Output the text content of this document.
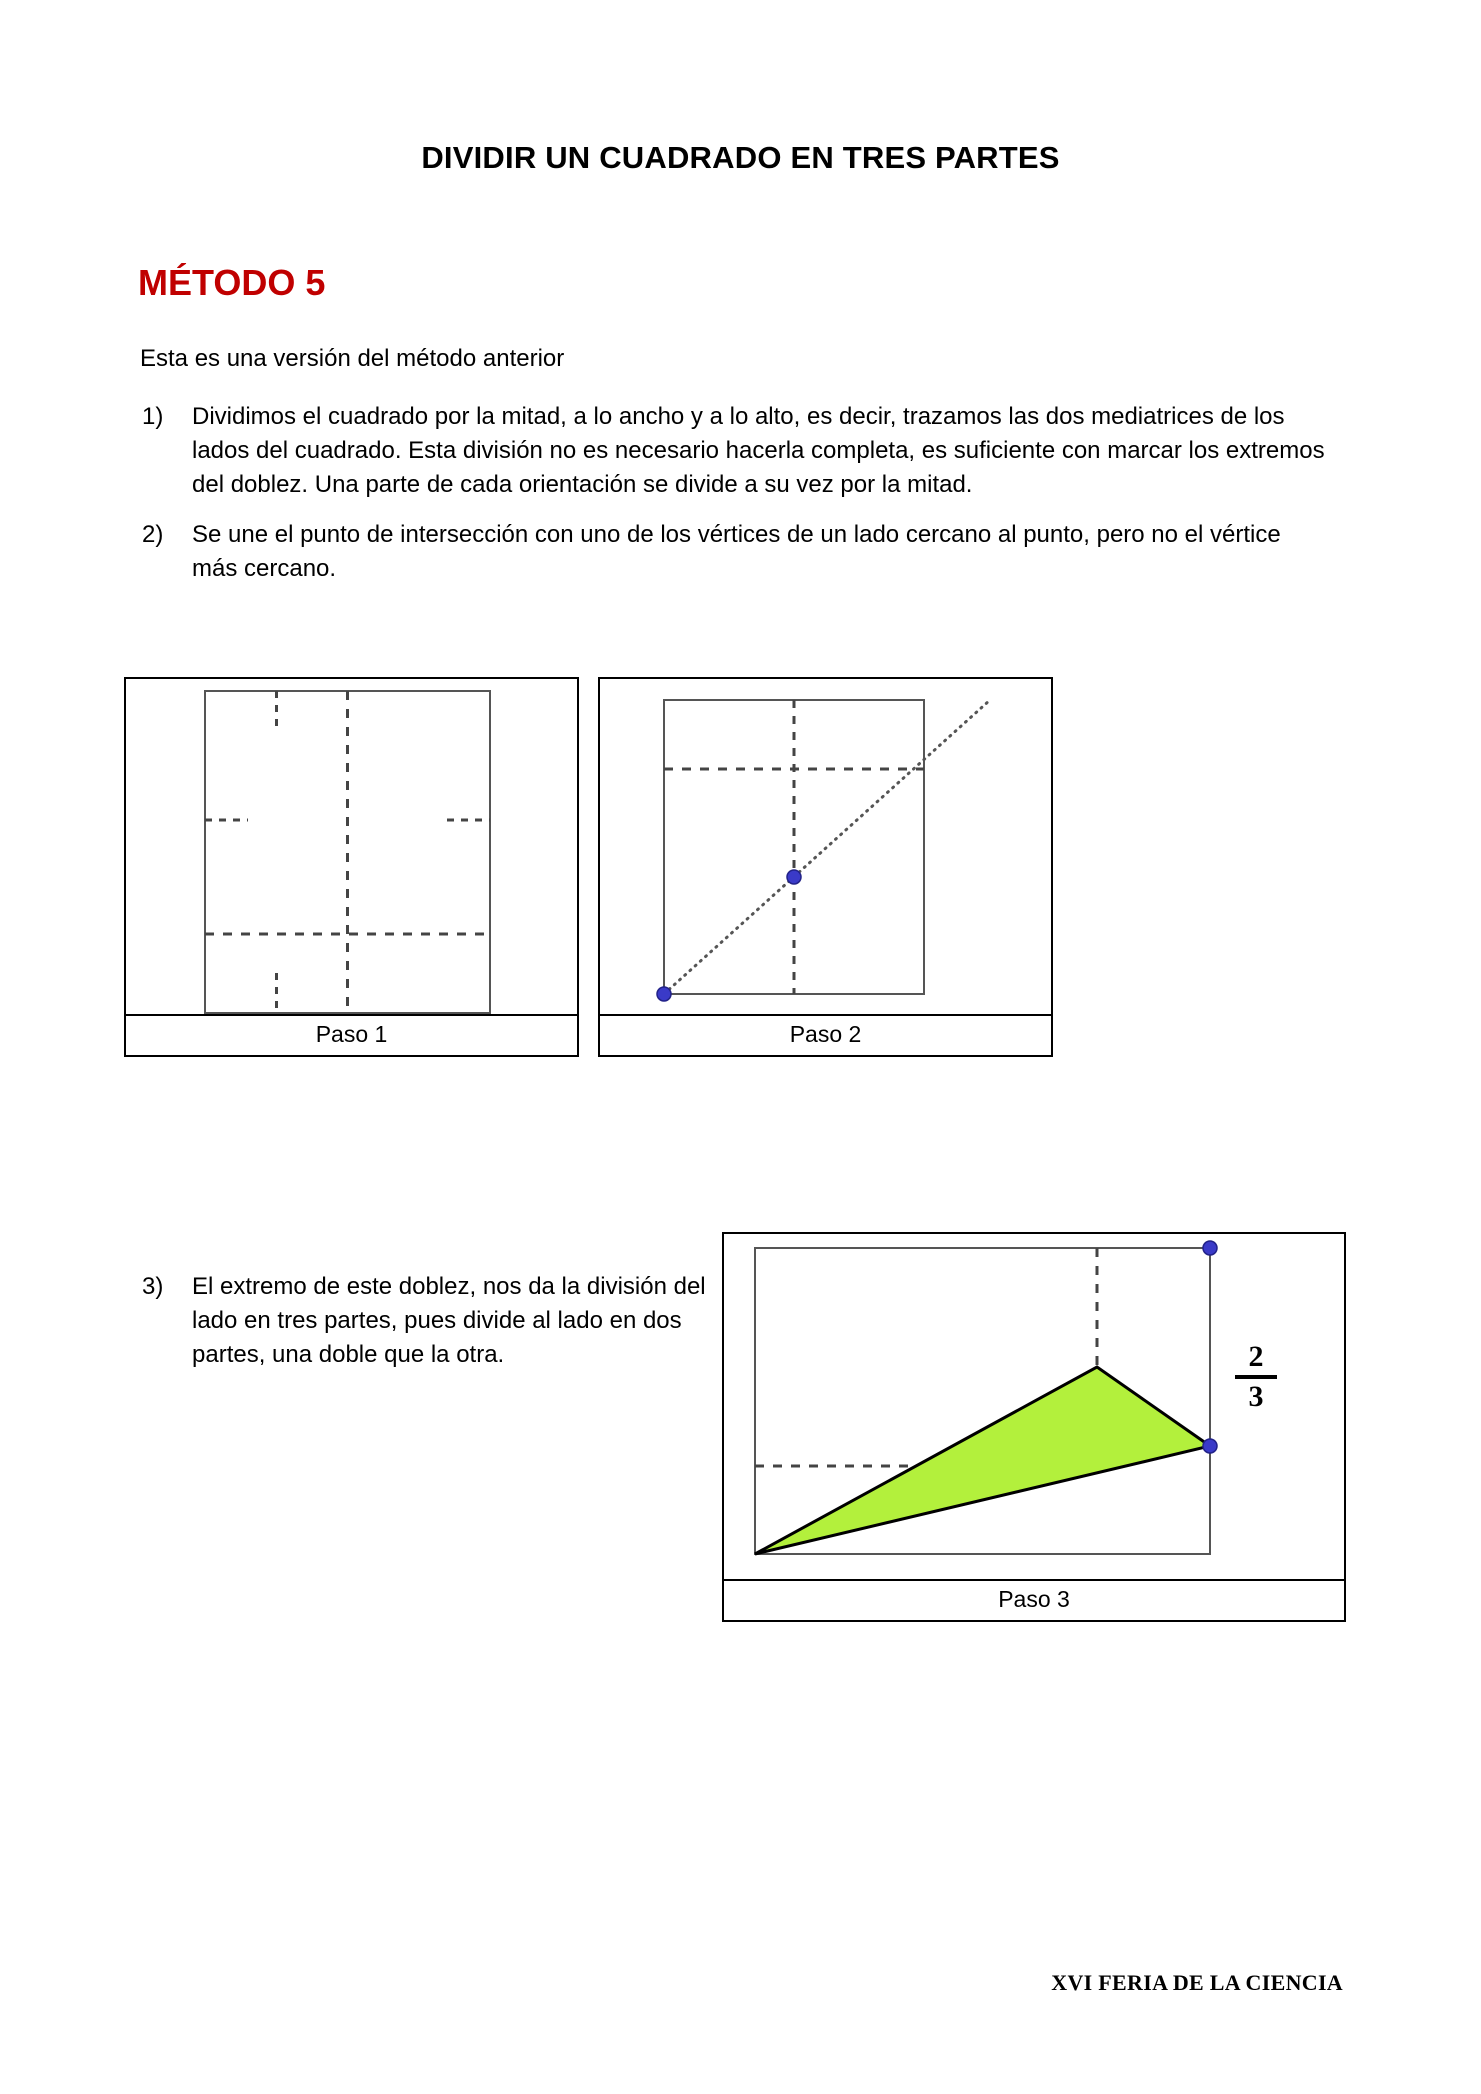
DIVIDIR UN CUADRADO EN TRES PARTES
MÉTODO 5
Esta es una versión del método anterior
1)	Dividimos el cuadrado por la mitad, a lo ancho y a lo alto, es decir, trazamos las dos mediatrices de los lados del cuadrado. Esta división no es necesario hacerla completa, es suficiente con marcar los extremos del doblez. Una parte de cada orientación se divide a su vez por la mitad.
2)	Se une el punto de intersección con uno de los vértices de un lado cercano al punto, pero no el vértice más cercano.
Paso 1	Paso 2
3)	El extremo de este doblez, nos da la división del lado en tres partes, pues divide al lado en dos partes, una doble que la otra.	2
3
Paso 3
XVI FERIA DE LA CIENCIA
